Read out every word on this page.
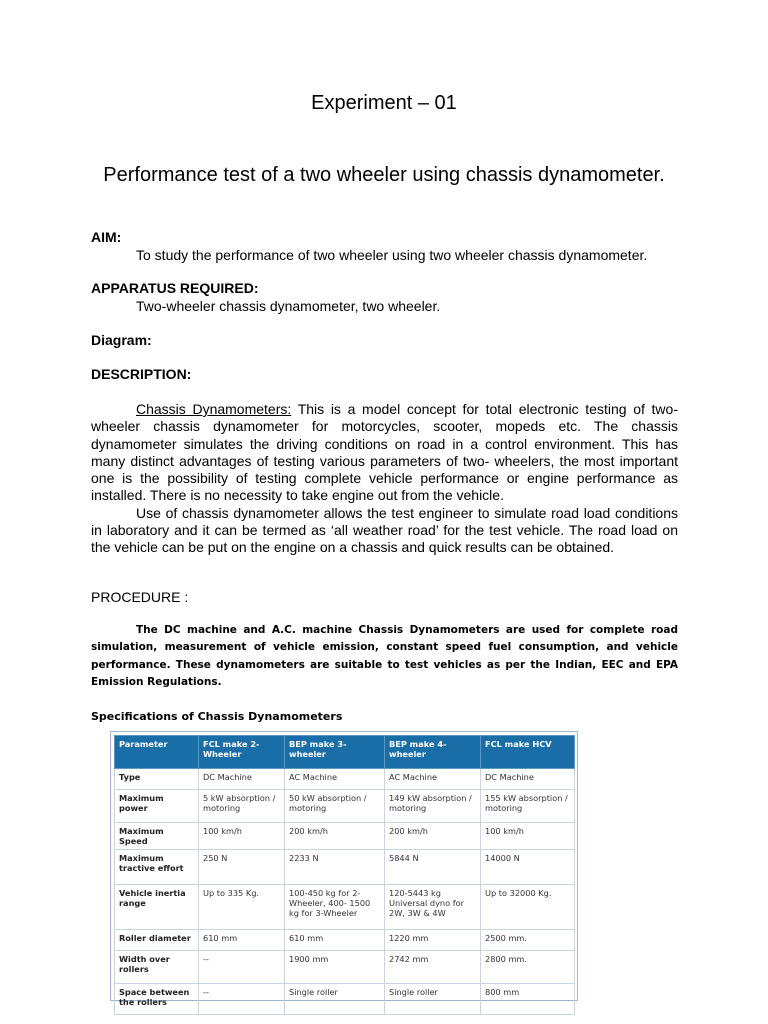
Experiment – 01
Performance test of a two wheeler using chassis dynamometer.
AIM:
To study the performance of two wheeler using two wheeler chassis dynamometer.
APPARATUS REQUIRED:
Two-wheeler chassis dynamometer, two wheeler.
Diagram:
DESCRIPTION:

Chassis Dynamometers: This is a model concept for total electronic testing of two-wheeler chassis dynamometer for motorcycles, scooter, mopeds etc. The chassis dynamometer simulates the driving conditions on road in a control environment. This has many distinct advantages of testing various parameters of two- wheelers, the most important one is the possibility of testing complete vehicle performance or engine performance as installed. There is no necessity to take engine out from the vehicle.

Use of chassis dynamometer allows the test engineer to simulate road load conditions in laboratory and it can be termed as ‘all weather road’ for the test vehicle. The road load on the vehicle can be put on the engine on a chassis and quick results can be obtained.

PROCEDURE :

The DC machine and A.C. machine Chassis Dynamometers are used for complete road simulation, measurement of vehicle emission, constant speed fuel consumption, and vehicle performance. These dynamometers are suitable to test vehicles as per the Indian, EEC and EPA Emission Regulations.

Specifications of Chassis Dynamometers
Parameter	FCL make 2-Wheeler	BEP make 3-wheeler	BEP make 4-wheeler	FCL make HCV
Type	DC Machine	AC Machine	AC Machine	DC Machine
Maximum power	5 kW absorption / motoring	50 kW absorption / motoring	149 kW absorption / motoring	155 kW absorption / motoring
Maximum Speed	100 km/h	200 km/h	200 km/h	100 km/h
Maximum tractive effort	250 N	2233 N	5844 N	14000 N
Vehicle inertia range	Up to 335 Kg.	100-450 kg for 2-Wheeler, 400- 1500 kg for 3-Wheeler	120-5443 kg Universal dyno for 2W, 3W & 4W	Up to 32000 Kg.
Roller diameter	610 mm	610 mm	1220 mm	2500 mm.
Width over rollers	--	1900 mm	2742 mm	2800 mm.
Space between the rollers	--	Single roller	Single roller	800 mm
